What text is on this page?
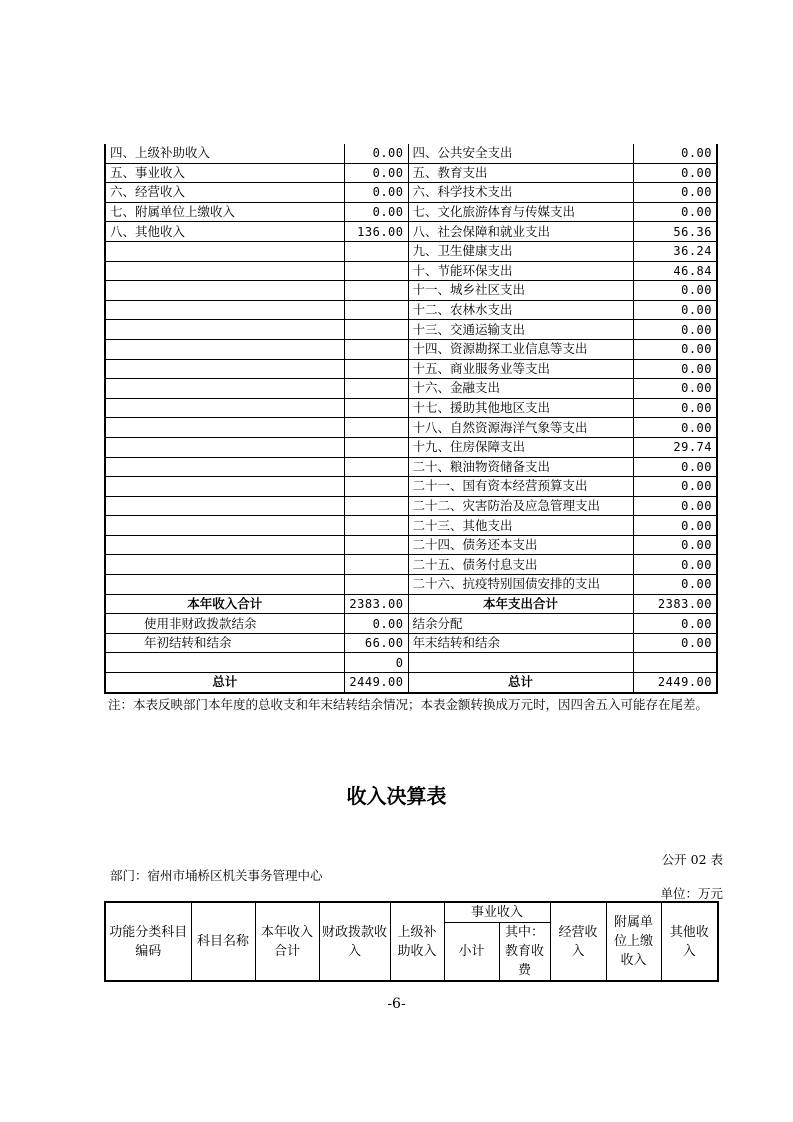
四、上级补助收入	0.00	四、公共安全支出	0.00
五、事业收入	0.00	五、教育支出	0.00
六、经营收入	0.00	六、科学技术支出	0.00
七、附属单位上缴收入	0.00	七、文化旅游体育与传媒支出	0.00
八、其他收入	136.00	八、社会保障和就业支出	56.36
		九、卫生健康支出	36.24
		十、节能环保支出	46.84
		十一、城乡社区支出	0.00
		十二、农林水支出	0.00
		十三、交通运输支出	0.00
		十四、资源勘探工业信息等支出	0.00
		十五、商业服务业等支出	0.00
		十六、金融支出	0.00
		十七、援助其他地区支出	0.00
		十八、自然资源海洋气象等支出	0.00
		十九、住房保障支出	29.74
		二十、粮油物资储备支出	0.00
		二十一、国有资本经营预算支出	0.00
		二十二、灾害防治及应急管理支出	0.00
		二十三、其他支出	0.00
		二十四、债务还本支出	0.00
		二十五、债务付息支出	0.00
		二十六、抗疫特别国债安排的支出	0.00
本年收入合计	2383.00	本年支出合计	2383.00
使用非财政拨款结余	0.00	结余分配	0.00
年初结转和结余	66.00	年末结转和结余	0.00
	0		
总计	2449.00	总计	2449.00

注：本表反映部门本年度的总收支和年末结转结余情况；本表金额转换成万元时，因四舍五入可能存在尾差。

收入决算表
公开 02 表

部门：宿州市埇桥区机关事务管理中心

单位：万元
功能分类科目编码	科目名称	本年收入合计	财政拨款收入	上级补助收入	事业收入		经营收入	附属单位上缴收入	其他收入
					小计	其中：教育收费			
-6-
